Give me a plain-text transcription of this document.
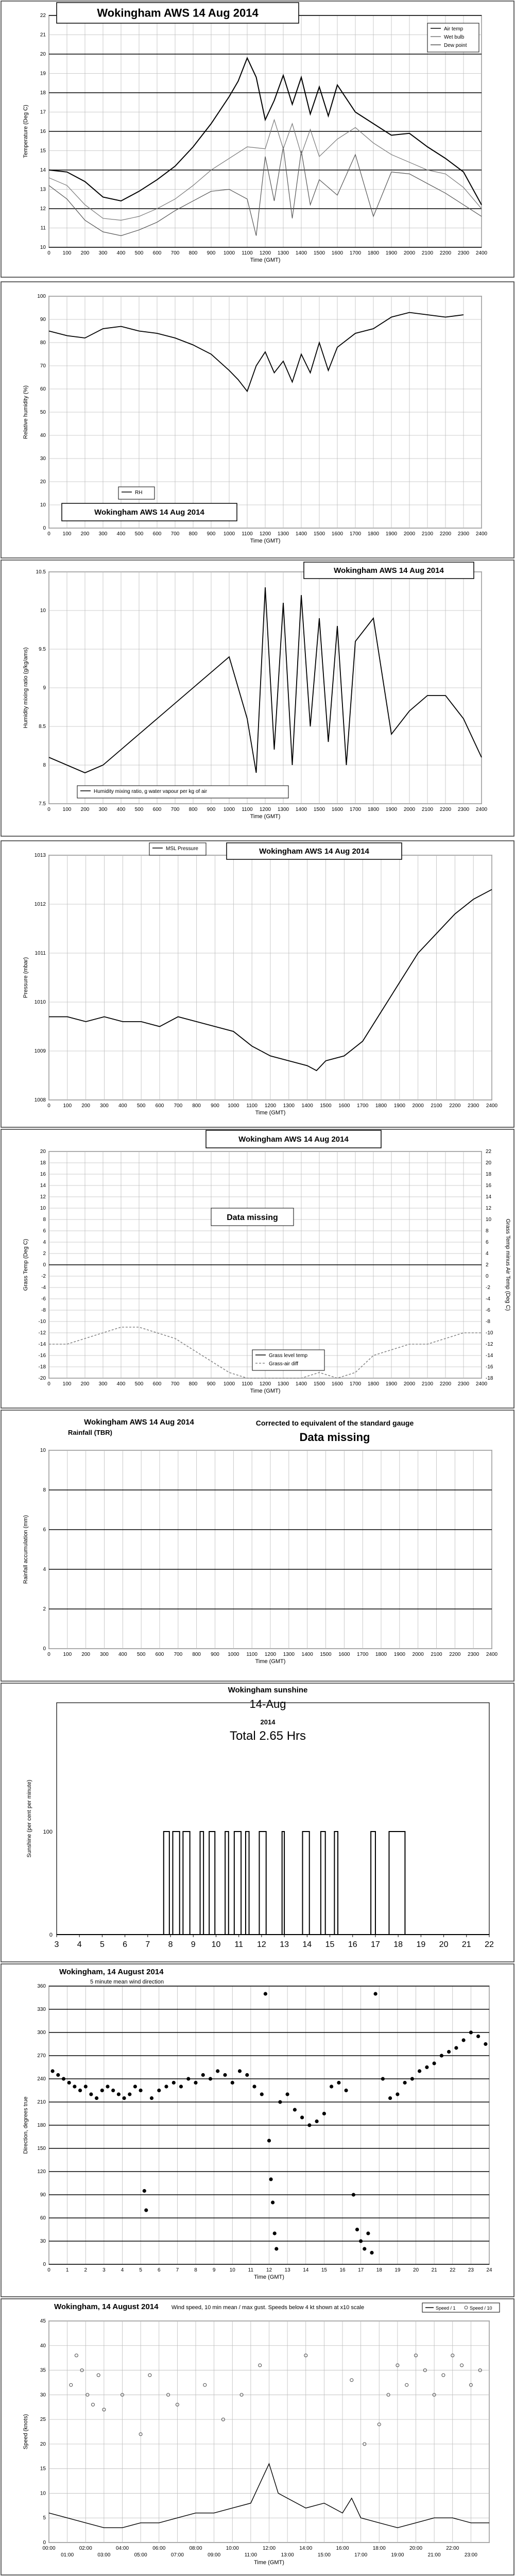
0 100 200 300 400 500 600 700 800 900 1000 1100 1200 1300 1400 1500 1600 1700 1800 1900 2000 2100 2200 2300 2400
10
11
12
13
14
15
16
17
18
19
20
21
22
Time (GMT)
Temperature (Deg C)
Wokingham AWS 14 Aug 2014
Air temp
Wet bulb
Dew point
0 100 200 300 400 500 600 700 800 900 1000 1100 1200 1300 1400 1500 1600 1700 1800 1900 2000 2100 2200 2300 2400
0
10
20
30
40
50
60
70
80
90
100
Time (GMT)
Relative humidity (%)
RH
Wokingham AWS 14 Aug 2014
0 100 200 300 400 500 600 700 800 900 1000 1100 1200 1300 1400 1500 1600 1700 1800 1900 2000 2100 2200 2300 2400
7.5
8
8.5
9
9.5
10
10.5
Time (GMT)
Humidity mixing ratio (g/kg/ams)
Wokingham AWS 14 Aug 2014
Humidity mixing ratio, g water vapour per kg of air
0 100 200 300 400 500 600 700 800 900 1000 1100 1200 1300 1400 1500 1600 1700 1800 1900 2000 2100 2200 2300 2400
1008
1009
1010
1011
1012
1013
Time (GMT)
Pressure (mbar)
MSL Pressure	Wokingham AWS 14 Aug 2014
0 100 200 300 400 500 600 700 800 900 1000 1100 1200 1300 1400 1500 1600 1700 1800 1900 2000 2100 2200 2300 2400
-20
-18
-16
-14
-12
-10
-8
-6
-4
-2
0
2
4
6
8
10
12
14
16
18
20
Time (GMT)
Grass Temp (Deg C)
-18
-16
-14
-12
-10
-8
-6
-4
-2
0
2
4
6
8
10
12
14
16
18
20
22
Grass Temp minus Air Temp (Deg C)
Wokingham AWS 14 Aug 2014
Data missing
Grass level temp
Grass-air diff
0 100 200 300 400 500 600 700 800 900 1000 1100 1200 1300 1400 1500 1600 1700 1800 1900 2000 2100 2200 2300 2400
0
2
4
6
8
10
Time (GMT)
Rainfall accumulation (mm)
Wokingham AWS 14 Aug 2014
Rainfall (TBR)
Corrected to equivalent of the standard gauge
Data missing
3 4 5 6 7 8 9 10 11 12 13 14 15 16 17 18 19 20 21 22
0
100
Sunshine (per cent per minute)
Wokingham sunshine
14-Aug
2014
Total 2.65 Hrs
0	1	2	3	4	5	6	7	8	9	10 11 12 13 14 15 16 17 18 19 20 21 22 23 24
0
30
60
90
120
150
180
210
240
270
300
330
360
Time (GMT)
Direction, degrees true
Wokingham, 14 August 2014
5 minute mean wind direction
0
5
10
15
20
25
30
35
40
45
Time (GMT)
Speed (knots)
00:00	02:00	04:00	06:00	08:00	10:00	12:00	14:00	16:00	18:00	20:00	22:00
01:00	03:00	05:00	07:00	09:00	11:00	13:00	15:00	17:00	19:00	21:00	23:00
Wokingham, 14 August 2014 Wind speed, 10 min mean / max gust. Speeds below 4 kt shown at x10 scale	Speed / 1	Speed / 10
